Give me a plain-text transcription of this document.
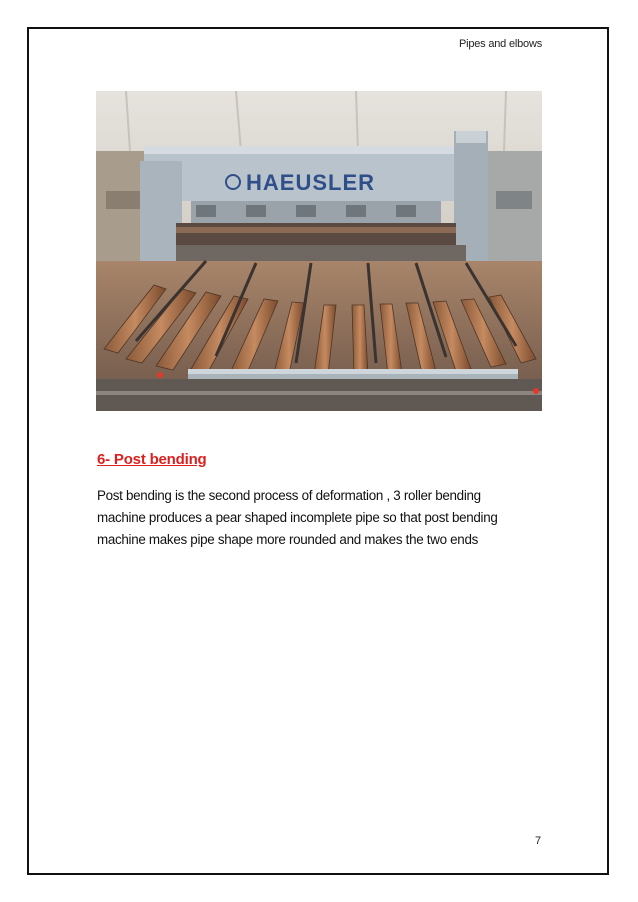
Pipes and elbows
HAEUSLER
6- Post bending
Post bending is the second process of deformation , 3 roller bending
machine produces a pear shaped incomplete pipe so that post bending
machine makes pipe shape more rounded and makes the two ends
7
